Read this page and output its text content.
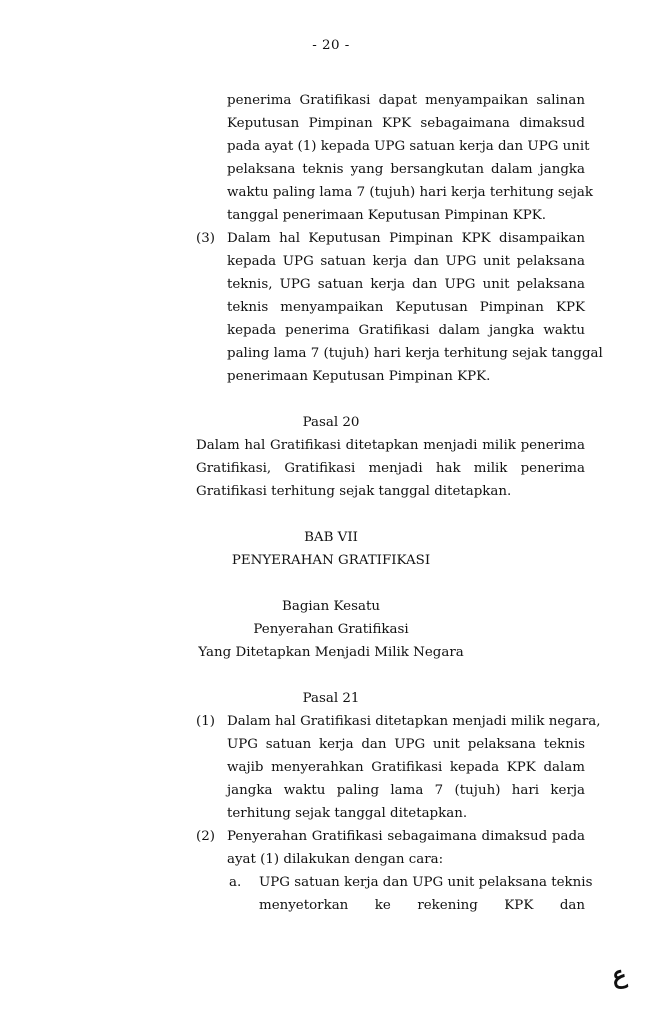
- 20 -
penerima Gratifikasi dapat menyampaikan salinan
Keputusan Pimpinan KPK sebagaimana dimaksud
pada ayat (1) kepada UPG satuan kerja dan UPG unit
pelaksana teknis yang bersangkutan dalam jangka
waktu paling lama 7 (tujuh) hari kerja terhitung sejak
tanggal penerimaan Keputusan Pimpinan KPK.
(3) Dalam hal Keputusan Pimpinan KPK disampaikan
kepada UPG satuan kerja dan UPG unit pelaksana
teknis, UPG satuan kerja dan UPG unit pelaksana
teknis menyampaikan Keputusan Pimpinan KPK
kepada penerima Gratifikasi dalam jangka waktu
paling lama 7 (tujuh) hari kerja terhitung sejak tanggal
penerimaan Keputusan Pimpinan KPK.
Pasal 20
Dalam hal Gratifikasi ditetapkan menjadi milik penerima
Gratifikasi, Gratifikasi menjadi hak milik penerima
Gratifikasi terhitung sejak tanggal ditetapkan.
BAB VII
PENYERAHAN GRATIFIKASI
Bagian Kesatu
Penyerahan Gratifikasi
Yang Ditetapkan Menjadi Milik Negara
Pasal 21
(1) Dalam hal Gratifikasi ditetapkan menjadi milik negara,
UPG satuan kerja dan UPG unit pelaksana teknis
wajib menyerahkan Gratifikasi kepada KPK dalam
jangka waktu paling lama 7 (tujuh) hari kerja
terhitung sejak tanggal ditetapkan.
(2) Penyerahan Gratifikasi sebagaimana dimaksud pada
ayat (1) dilakukan dengan cara:
a. UPG satuan kerja dan UPG unit pelaksana teknis
menyetorkan ke rekening KPK dan
ع
